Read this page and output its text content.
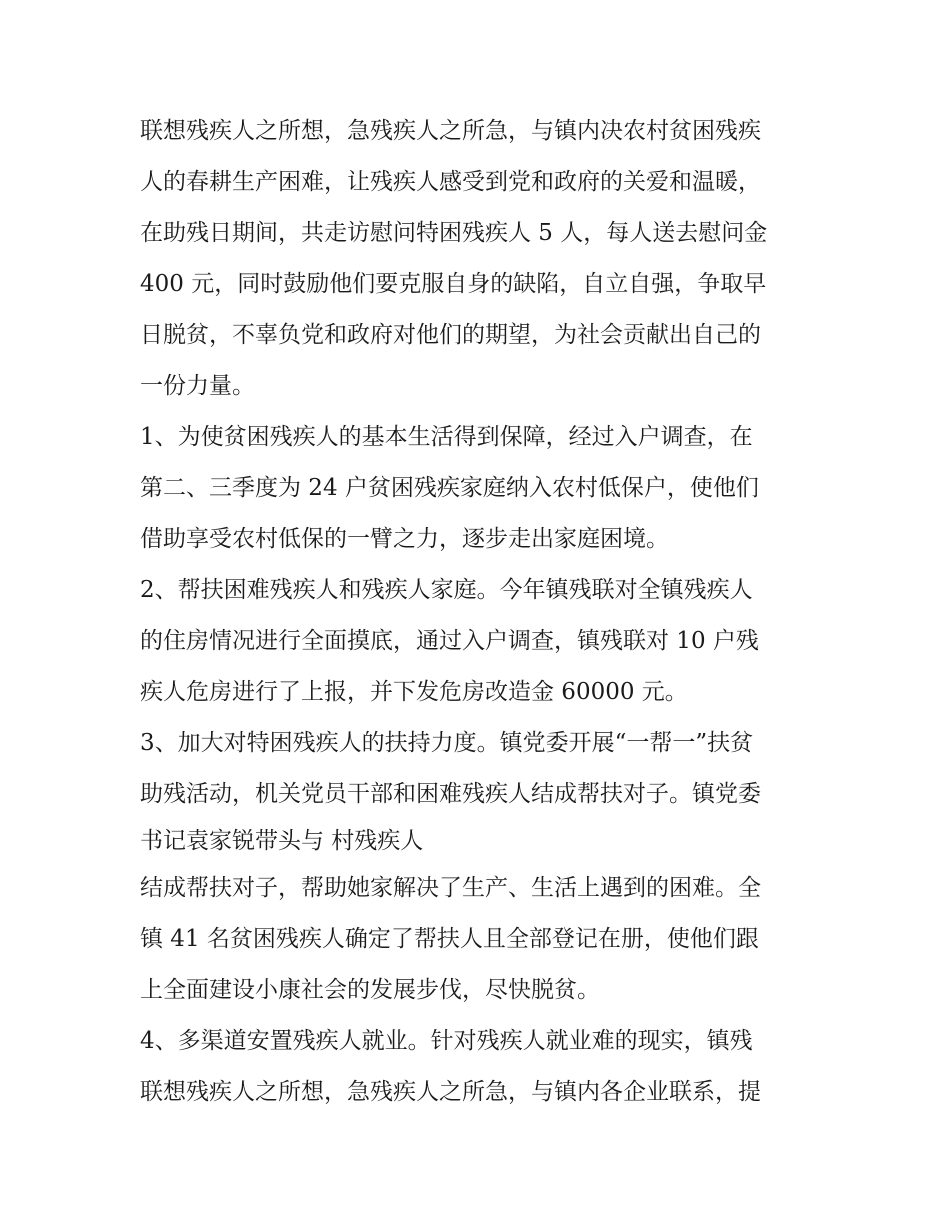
联想残疾人之所想，急残疾人之所急，与镇内决农村贫困残疾
人的春耕生产困难，让残疾人感受到党和政府的关爱和温暖，
在助残日期间，共走访慰问特困残疾人 5 人，每人送去慰问金
400 元，同时鼓励他们要克服自身的缺陷，自立自强，争取早
日脱贫，不辜负党和政府对他们的期望，为社会贡献出自己的
一份力量。
1、为使贫困残疾人的基本生活得到保障，经过入户调查，在
第二、三季度为 24 户贫困残疾家庭纳入农村低保户，使他们
借助享受农村低保的一臂之力，逐步走出家庭困境。
2、帮扶困难残疾人和残疾人家庭。今年镇残联对全镇残疾人
的住房情况进行全面摸底，通过入户调查，镇残联对 10 户残
疾人危房进行了上报，并下发危房改造金 60000 元。
3、加大对特困残疾人的扶持力度。镇党委开展“一帮一”扶贫
助残活动，机关党员干部和困难残疾人结成帮扶对子。镇党委
书记袁家锐带头与 村残疾人
结成帮扶对子，帮助她家解决了生产、生活上遇到的困难。全
镇 41 名贫困残疾人确定了帮扶人且全部登记在册，使他们跟
上全面建设小康社会的发展步伐，尽快脱贫。
4、多渠道安置残疾人就业。针对残疾人就业难的现实，镇残
联想残疾人之所想，急残疾人之所急，与镇内各企业联系，提
